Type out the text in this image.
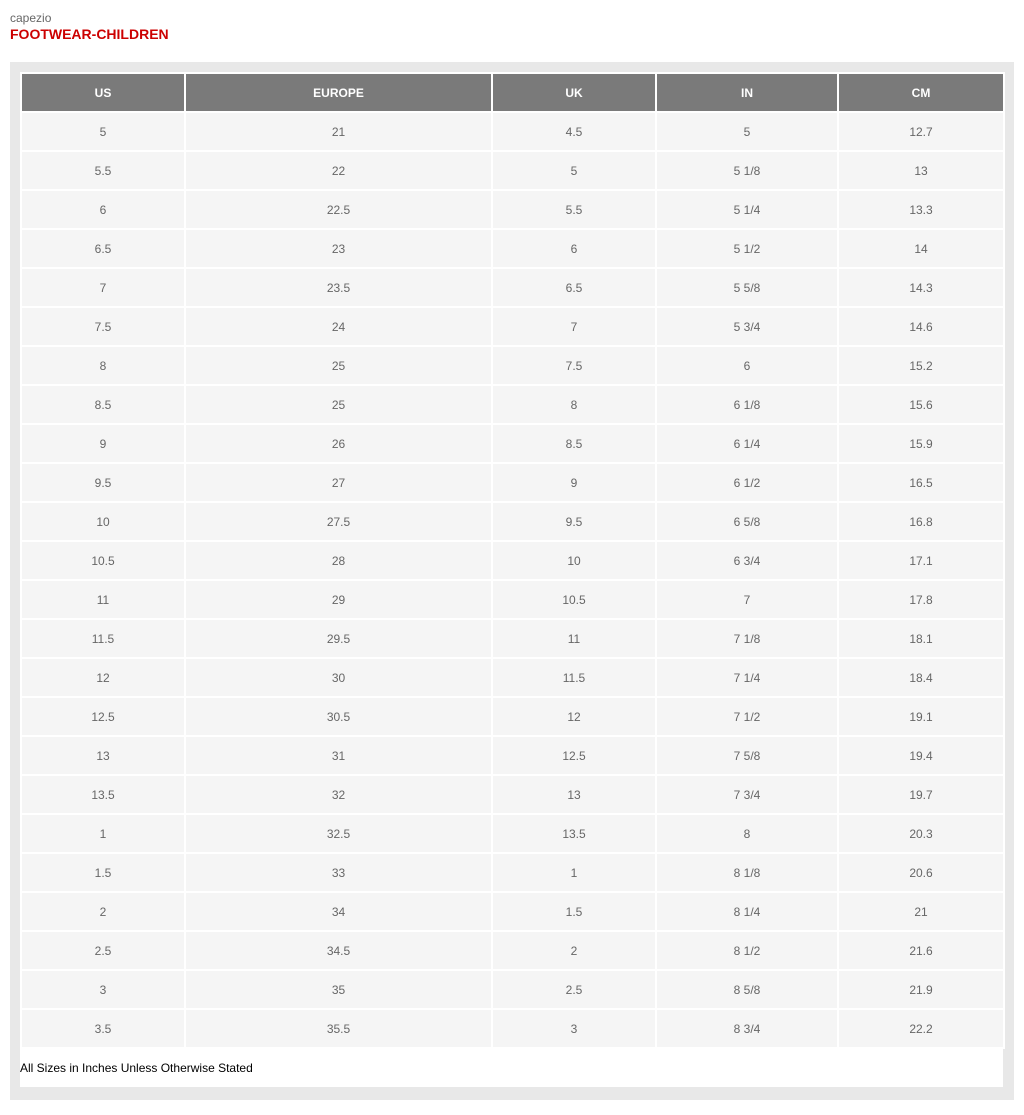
capezio
FOOTWEAR-CHILDREN
US	EUROPE	UK	IN	CM
5	21	4.5	5	12.7
5.5	22	5	5 1/8	13
6	22.5	5.5	5 1/4	13.3
6.5	23	6	5 1/2	14
7	23.5	6.5	5 5/8	14.3
7.5	24	7	5 3/4	14.6
8	25	7.5	6	15.2
8.5	25	8	6 1/8	15.6
9	26	8.5	6 1/4	15.9
9.5	27	9	6 1/2	16.5
10	27.5	9.5	6 5/8	16.8
10.5	28	10	6 3/4	17.1
11	29	10.5	7	17.8
11.5	29.5	11	7 1/8	18.1
12	30	11.5	7 1/4	18.4
12.5	30.5	12	7 1/2	19.1
13	31	12.5	7 5/8	19.4
13.5	32	13	7 3/4	19.7
1	32.5	13.5	8	20.3
1.5	33	1	8 1/8	20.6
2	34	1.5	8 1/4	21
2.5	34.5	2	8 1/2	21.6
3	35	2.5	8 5/8	21.9
3.5	35.5	3	8 3/4	22.2
All Sizes in Inches Unless Otherwise Stated
